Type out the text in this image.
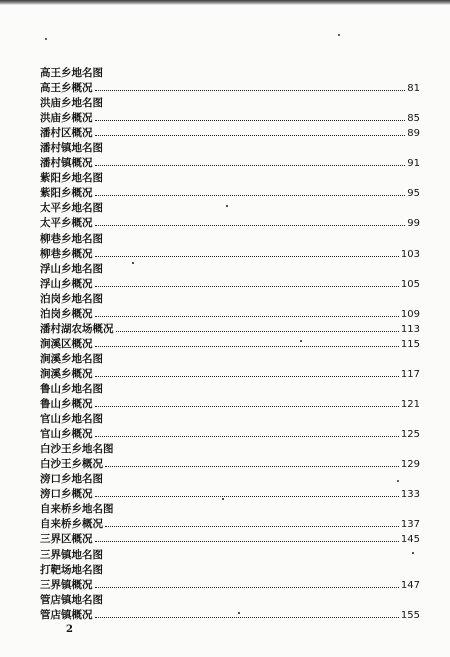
高王乡地名图
高王乡概况	81
洪庙乡地名图
洪庙乡概况	85
潘村区概况	89
潘村镇地名图
潘村镇概况	91
紫阳乡地名图
紫阳乡概况	95
太平乡地名图
太平乡概况	99
柳巷乡地名图
柳巷乡概况	103
浮山乡地名图
浮山乡概况	105
泊岗乡地名图
泊岗乡概况	109
潘村湖农场概况	113
涧溪区概况	115
涧溪乡地名图
涧溪乡概况	117
鲁山乡地名图
鲁山乡概况	121
官山乡地名图
官山乡概况	125
白沙王乡地名图
白沙王乡概况	129
滂口乡地名图
滂口乡概况	133
自来桥乡地名图
自来桥乡概况	137
三界区概况	145
三界镇地名图
打靶场地名图
三界镇概况	147
管店镇地名图
管店镇概况	155
2
